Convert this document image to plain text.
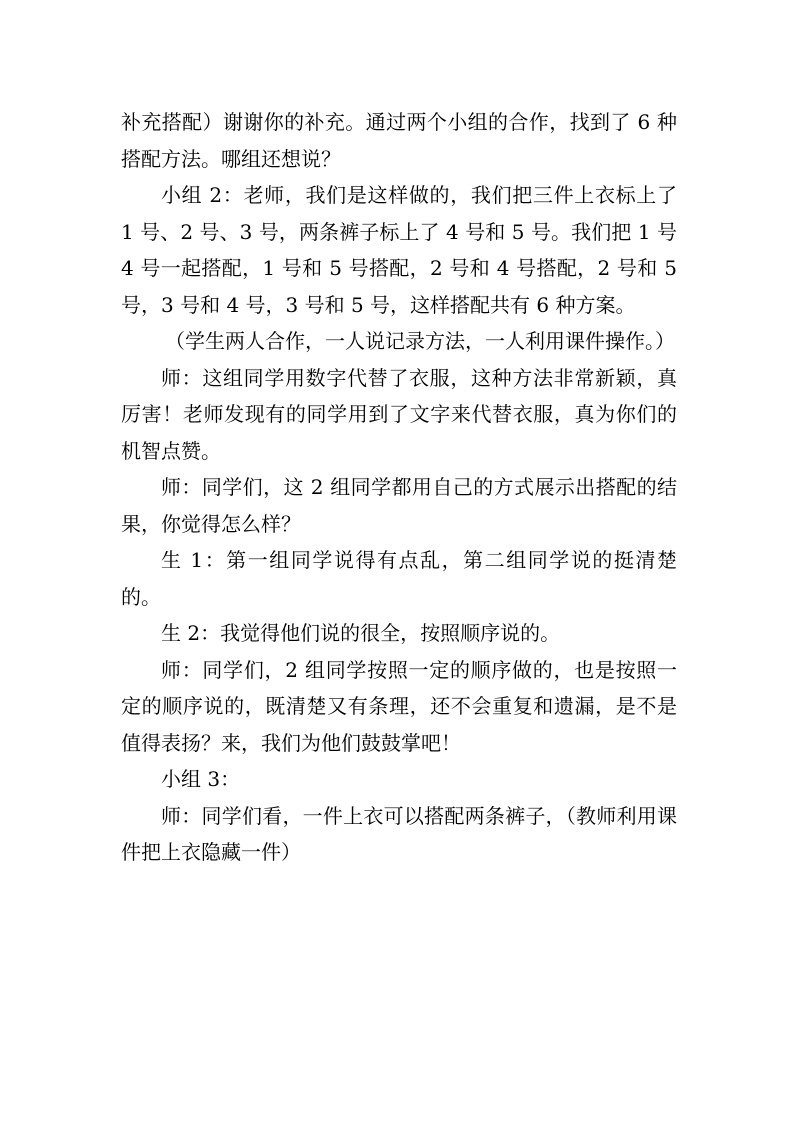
补充搭配）谢谢你的补充。通过两个小组的合作，找到了 6 种搭配方法。哪组还想说？

小组 2：老师，我们是这样做的，我们把三件上衣标上了 1 号、2 号、3 号，两条裤子标上了 4 号和 5 号。我们把 1 号 4 号一起搭配，1 号和 5 号搭配，2 号和 4 号搭配，2 号和 5 号，3 号和 4 号，3 号和 5 号，这样搭配共有 6 种方案。

（学生两人合作，一人说记录方法，一人利用课件操作。）

师：这组同学用数字代替了衣服，这种方法非常新颖，真厉害！老师发现有的同学用到了文字来代替衣服，真为你们的机智点赞。

师：同学们，这 2 组同学都用自己的方式展示出搭配的结果，你觉得怎么样？

生 1：第一组同学说得有点乱，第二组同学说的挺清楚的。

生 2：我觉得他们说的很全，按照顺序说的。

师：同学们，2 组同学按照一定的顺序做的，也是按照一定的顺序说的，既清楚又有条理，还不会重复和遗漏，是不是值得表扬？来，我们为他们鼓鼓掌吧！

小组 3：

师：同学们看，一件上衣可以搭配两条裤子，（教师利用课件把上衣隐藏一件）
